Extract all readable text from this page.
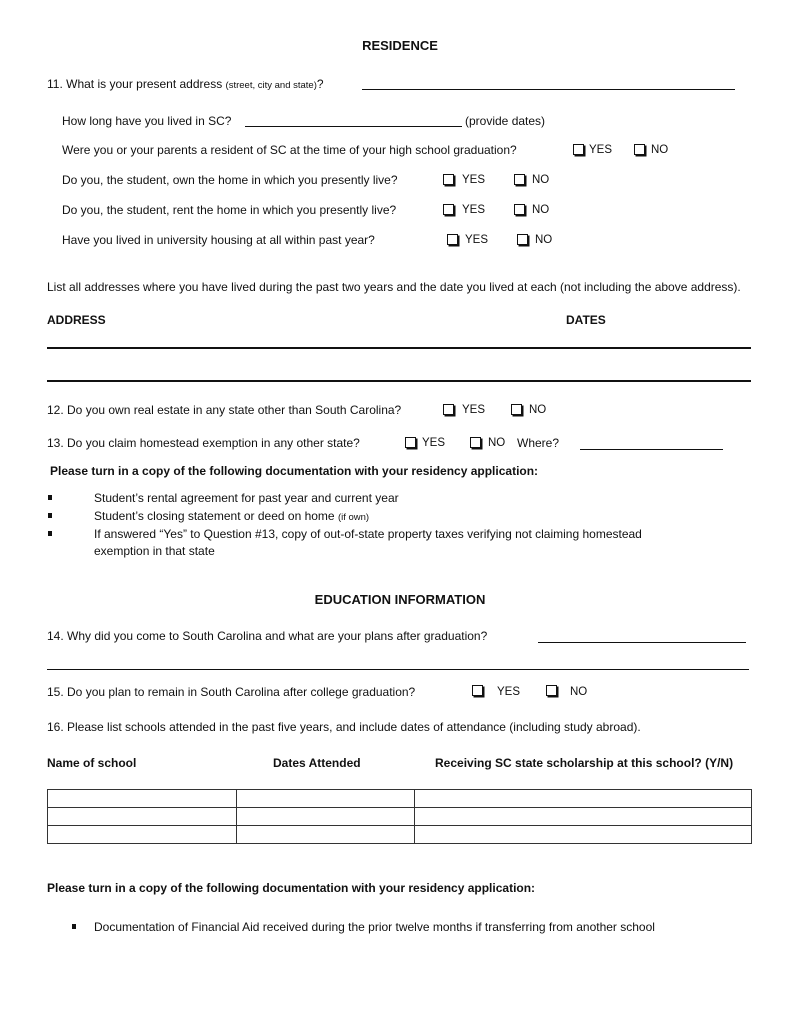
RESIDENCE
11. What is your present address (street, city and state)?
How long have you lived in SC?	(provide dates)
Were you or your parents a resident of SC at the time of your high school graduation?	YES	NO
Do you, the student, own the home in which you presently live?	YES	NO
Do you, the student, rent the home in which you presently live?	YES	NO
Have you lived in university housing at all within past year?	YES	NO
List all addresses where you have lived during the past two years and the date you lived at each (not including the above address).
ADDRESS	DATES
12. Do you own real estate in any state other than South Carolina?	YES	NO
13. Do you claim homestead exemption in any other state?	YES	NO Where?
Please turn in a copy of the following documentation with your residency application:
Student’s rental agreement for past year and current year
Student’s closing statement or deed on home (if own)
If answered “Yes” to Question #13, copy of out-of-state property taxes verifying not claiming homestead
exemption in that state
EDUCATION INFORMATION
14. Why did you come to South Carolina and what are your plans after graduation?
15. Do you plan to remain in South Carolina after college graduation?	YES	NO
16. Please list schools attended in the past five years, and include dates of attendance (including study abroad).
Name of school	Dates Attended	Receiving SC state scholarship at this school? (Y/N)

Please turn in a copy of the following documentation with your residency application:
Documentation of Financial Aid received during the prior twelve months if transferring from another school
